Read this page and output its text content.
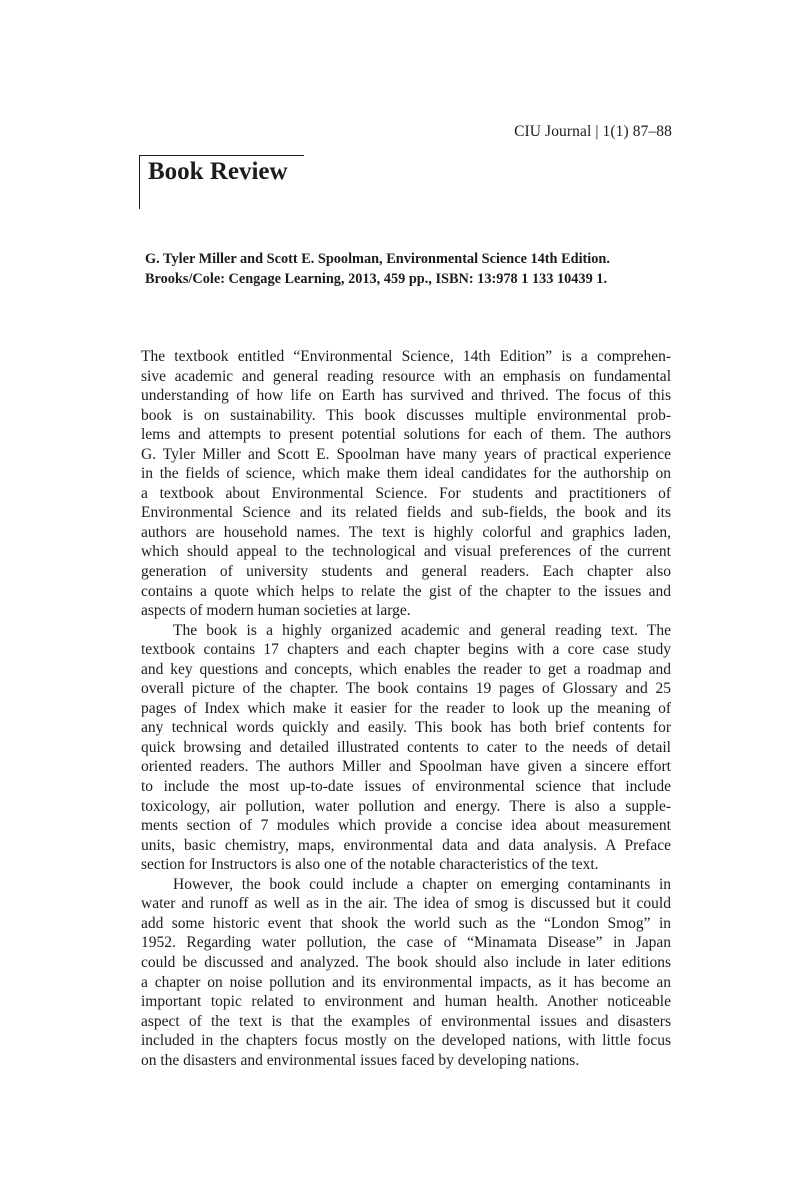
CIU Journal | 1(1) 87–88
Book Review
G. Tyler Miller and Scott E. Spoolman, Environmental Science 14th Edition.
Brooks/Cole: Cengage Learning, 2013, 459 pp., ISBN: 13:978 1 133 10439 1.
The textbook entitled “Environmental Science, 14th Edition” is a comprehen-
sive academic and general reading resource with an emphasis on fundamental
understanding of how life on Earth has survived and thrived. The focus of this
book is on sustainability. This book discusses multiple environmental prob-
lems and attempts to present potential solutions for each of them. The authors
G. Tyler Miller and Scott E. Spoolman have many years of practical experience
in the fields of science, which make them ideal candidates for the authorship on
a textbook about Environmental Science. For students and practitioners of
Environmental Science and its related fields and sub-fields, the book and its
authors are household names. The text is highly colorful and graphics laden,
which should appeal to the technological and visual preferences of the current
generation of university students and general readers. Each chapter also
contains a quote which helps to relate the gist of the chapter to the issues and
aspects of modern human societies at large.
The book is a highly organized academic and general reading text. The
textbook contains 17 chapters and each chapter begins with a core case study
and key questions and concepts, which enables the reader to get a roadmap and
overall picture of the chapter. The book contains 19 pages of Glossary and 25
pages of Index which make it easier for the reader to look up the meaning of
any technical words quickly and easily. This book has both brief contents for
quick browsing and detailed illustrated contents to cater to the needs of detail
oriented readers. The authors Miller and Spoolman have given a sincere effort
to include the most up-to-date issues of environmental science that include
toxicology, air pollution, water pollution and energy. There is also a supple-
ments section of 7 modules which provide a concise idea about measurement
units, basic chemistry, maps, environmental data and data analysis. A Preface
section for Instructors is also one of the notable characteristics of the text.
However, the book could include a chapter on emerging contaminants in
water and runoff as well as in the air. The idea of smog is discussed but it could
add some historic event that shook the world such as the “London Smog” in
1952. Regarding water pollution, the case of “Minamata Disease” in Japan
could be discussed and analyzed. The book should also include in later editions
a chapter on noise pollution and its environmental impacts, as it has become an
important topic related to environment and human health. Another noticeable
aspect of the text is that the examples of environmental issues and disasters
included in the chapters focus mostly on the developed nations, with little focus
on the disasters and environmental issues faced by developing nations.
